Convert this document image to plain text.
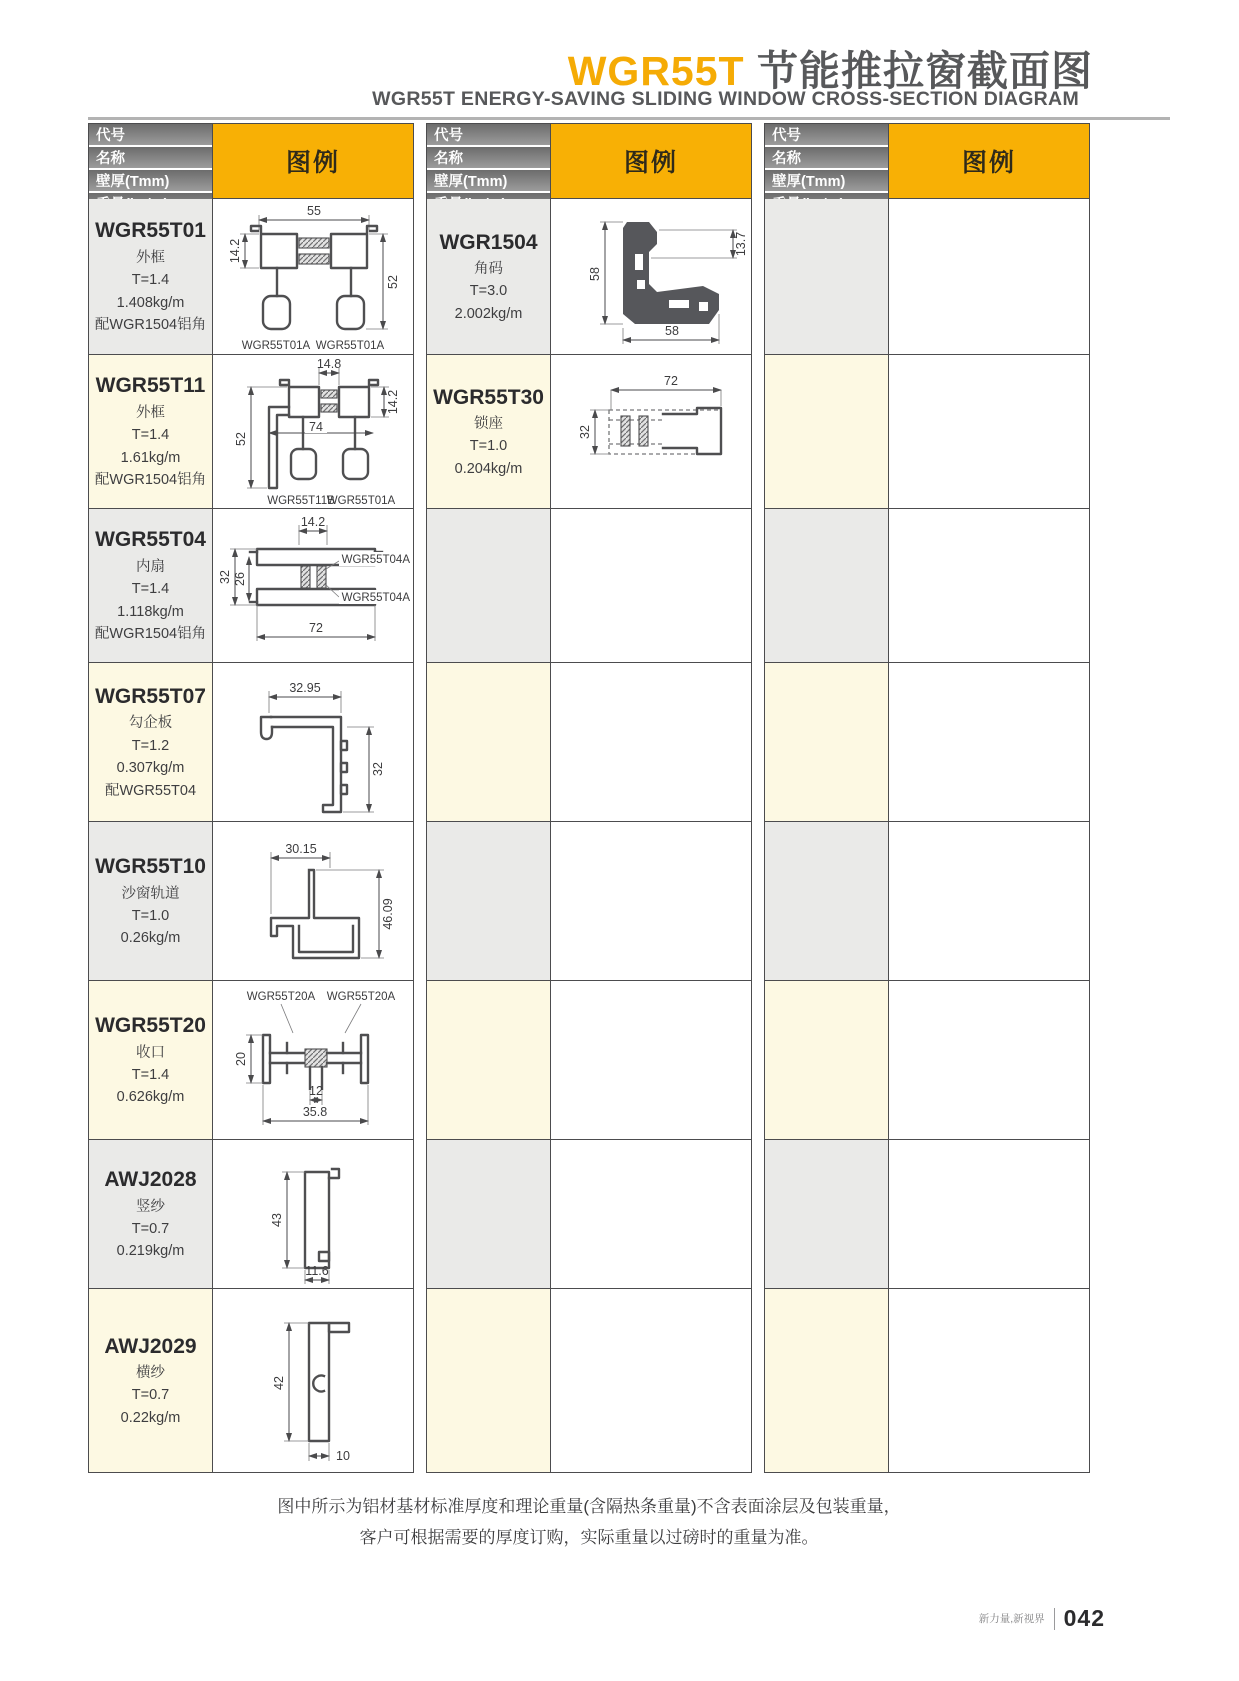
WGR55T 节能推拉窗截面图
WGR55T ENERGY-SAVING SLIDING WINDOW CROSS-SECTION DIAGRAM
代号
名称
壁厚(Tmm)
图例
WGR55T01
外框
T=1.4
1.408kg/m
配WGR1504铝角
55
14.2
52
WGR55T01A WGR55T01A
WGR55T11
外框
T=1.4
1.61kg/m
配WGR1504铝角
14.8
52
74
14.2
WGR55T11B
WGR55T01A
WGR55T04
内扇
T=1.4
1.118kg/m
配WGR1504铝角
14.2
32 26
72
WGR55T04A
WGR55T04A
WGR55T07
勾企板
T=1.2
0.307kg/m
配WGR55T04
32.95
32
WGR55T10
沙窗轨道
T=1.0
0.26kg/m
30.15
46.09
WGR55T20
收口
T=1.4
0.626kg/m
WGR55T20A WGR55T20A
20
12
35.8
AWJ2028
竖纱
T=0.7
0.219kg/m
43
11.6
AWJ2029
横纱
T=0.7
0.22kg/m
42
10
代号
名称
壁厚(Tmm)
图例
WGR1504
角码
T=3.0
2.002kg/m
58
58
13.7
WGR55T30
锁座
T=1.0
0.204kg/m
72
32
代号
名称
壁厚(Tmm)
图例
图中所示为铝材基材标准厚度和理论重量(含隔热条重量)不含表面涂层及包装重量，
客户可根据需要的厚度订购，实际重量以过磅时的重量为准。
新力量,新视界 042
